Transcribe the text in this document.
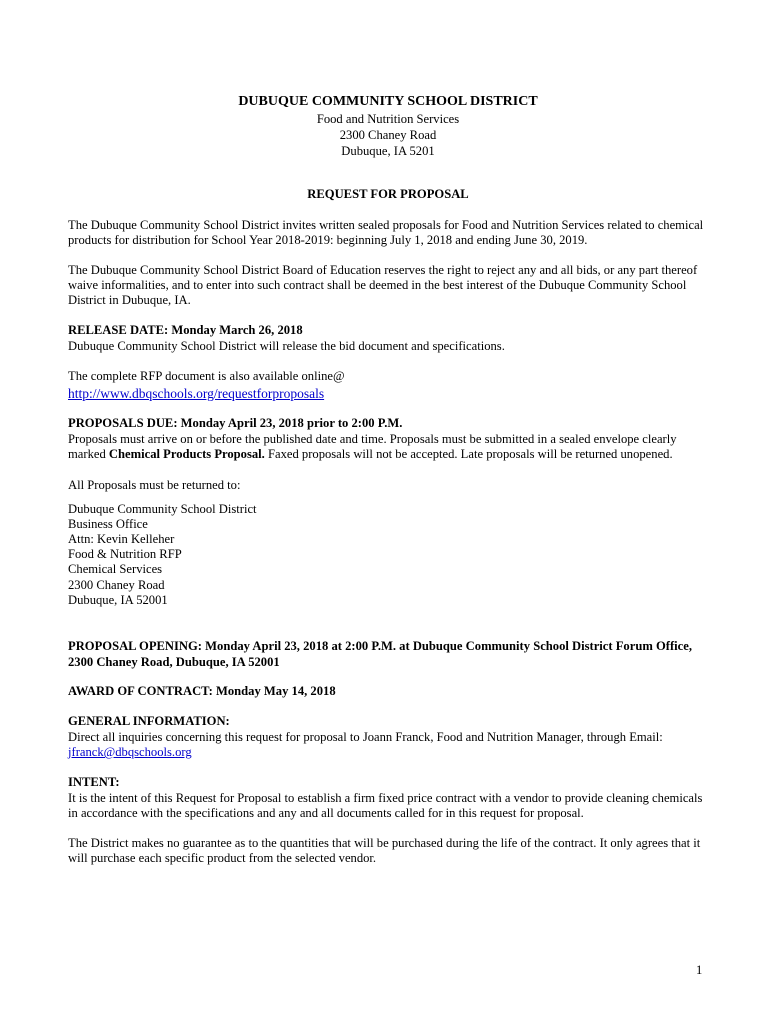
DUBUQUE COMMUNITY SCHOOL DISTRICT
Food and Nutrition Services
2300 Chaney Road
Dubuque, IA 5201
REQUEST FOR PROPOSAL
The Dubuque Community School District invites written sealed proposals for Food and Nutrition Services related to chemical
products for distribution for School Year 2018-2019: beginning July 1, 2018 and ending June 30, 2019.
The Dubuque Community School District Board of Education reserves the right to reject any and all bids, or any part thereof
waive informalities, and to enter into such contract shall be deemed in the best interest of the Dubuque Community School
District in Dubuque, IA.
RELEASE DATE: Monday March 26, 2018
Dubuque Community School District will release the bid document and specifications.
The complete RFP document is also available online@
http://www.dbqschools.org/requestforproposals
PROPOSALS DUE: Monday April 23, 2018 prior to 2:00 P.M.
Proposals must arrive on or before the published date and time. Proposals must be submitted in a sealed envelope clearly
marked Chemical Products Proposal. Faxed proposals will not be accepted. Late proposals will be returned unopened.
All Proposals must be returned to:
Dubuque Community School District
Business Office
Attn: Kevin Kelleher
Food & Nutrition RFP
Chemical Services
2300 Chaney Road
Dubuque, IA 52001
PROPOSAL OPENING: Monday April 23, 2018 at 2:00 P.M. at Dubuque Community School District Forum Office,
2300 Chaney Road, Dubuque, IA 52001
AWARD OF CONTRACT: Monday May 14, 2018
GENERAL INFORMATION:
Direct all inquiries concerning this request for proposal to Joann Franck, Food and Nutrition Manager, through Email:
jfranck@dbqschools.org
INTENT:
It is the intent of this Request for Proposal to establish a firm fixed price contract with a vendor to provide cleaning chemicals
in accordance with the specifications and any and all documents called for in this request for proposal.
The District makes no guarantee as to the quantities that will be purchased during the life of the contract. It only agrees that it
will purchase each specific product from the selected vendor.
1
